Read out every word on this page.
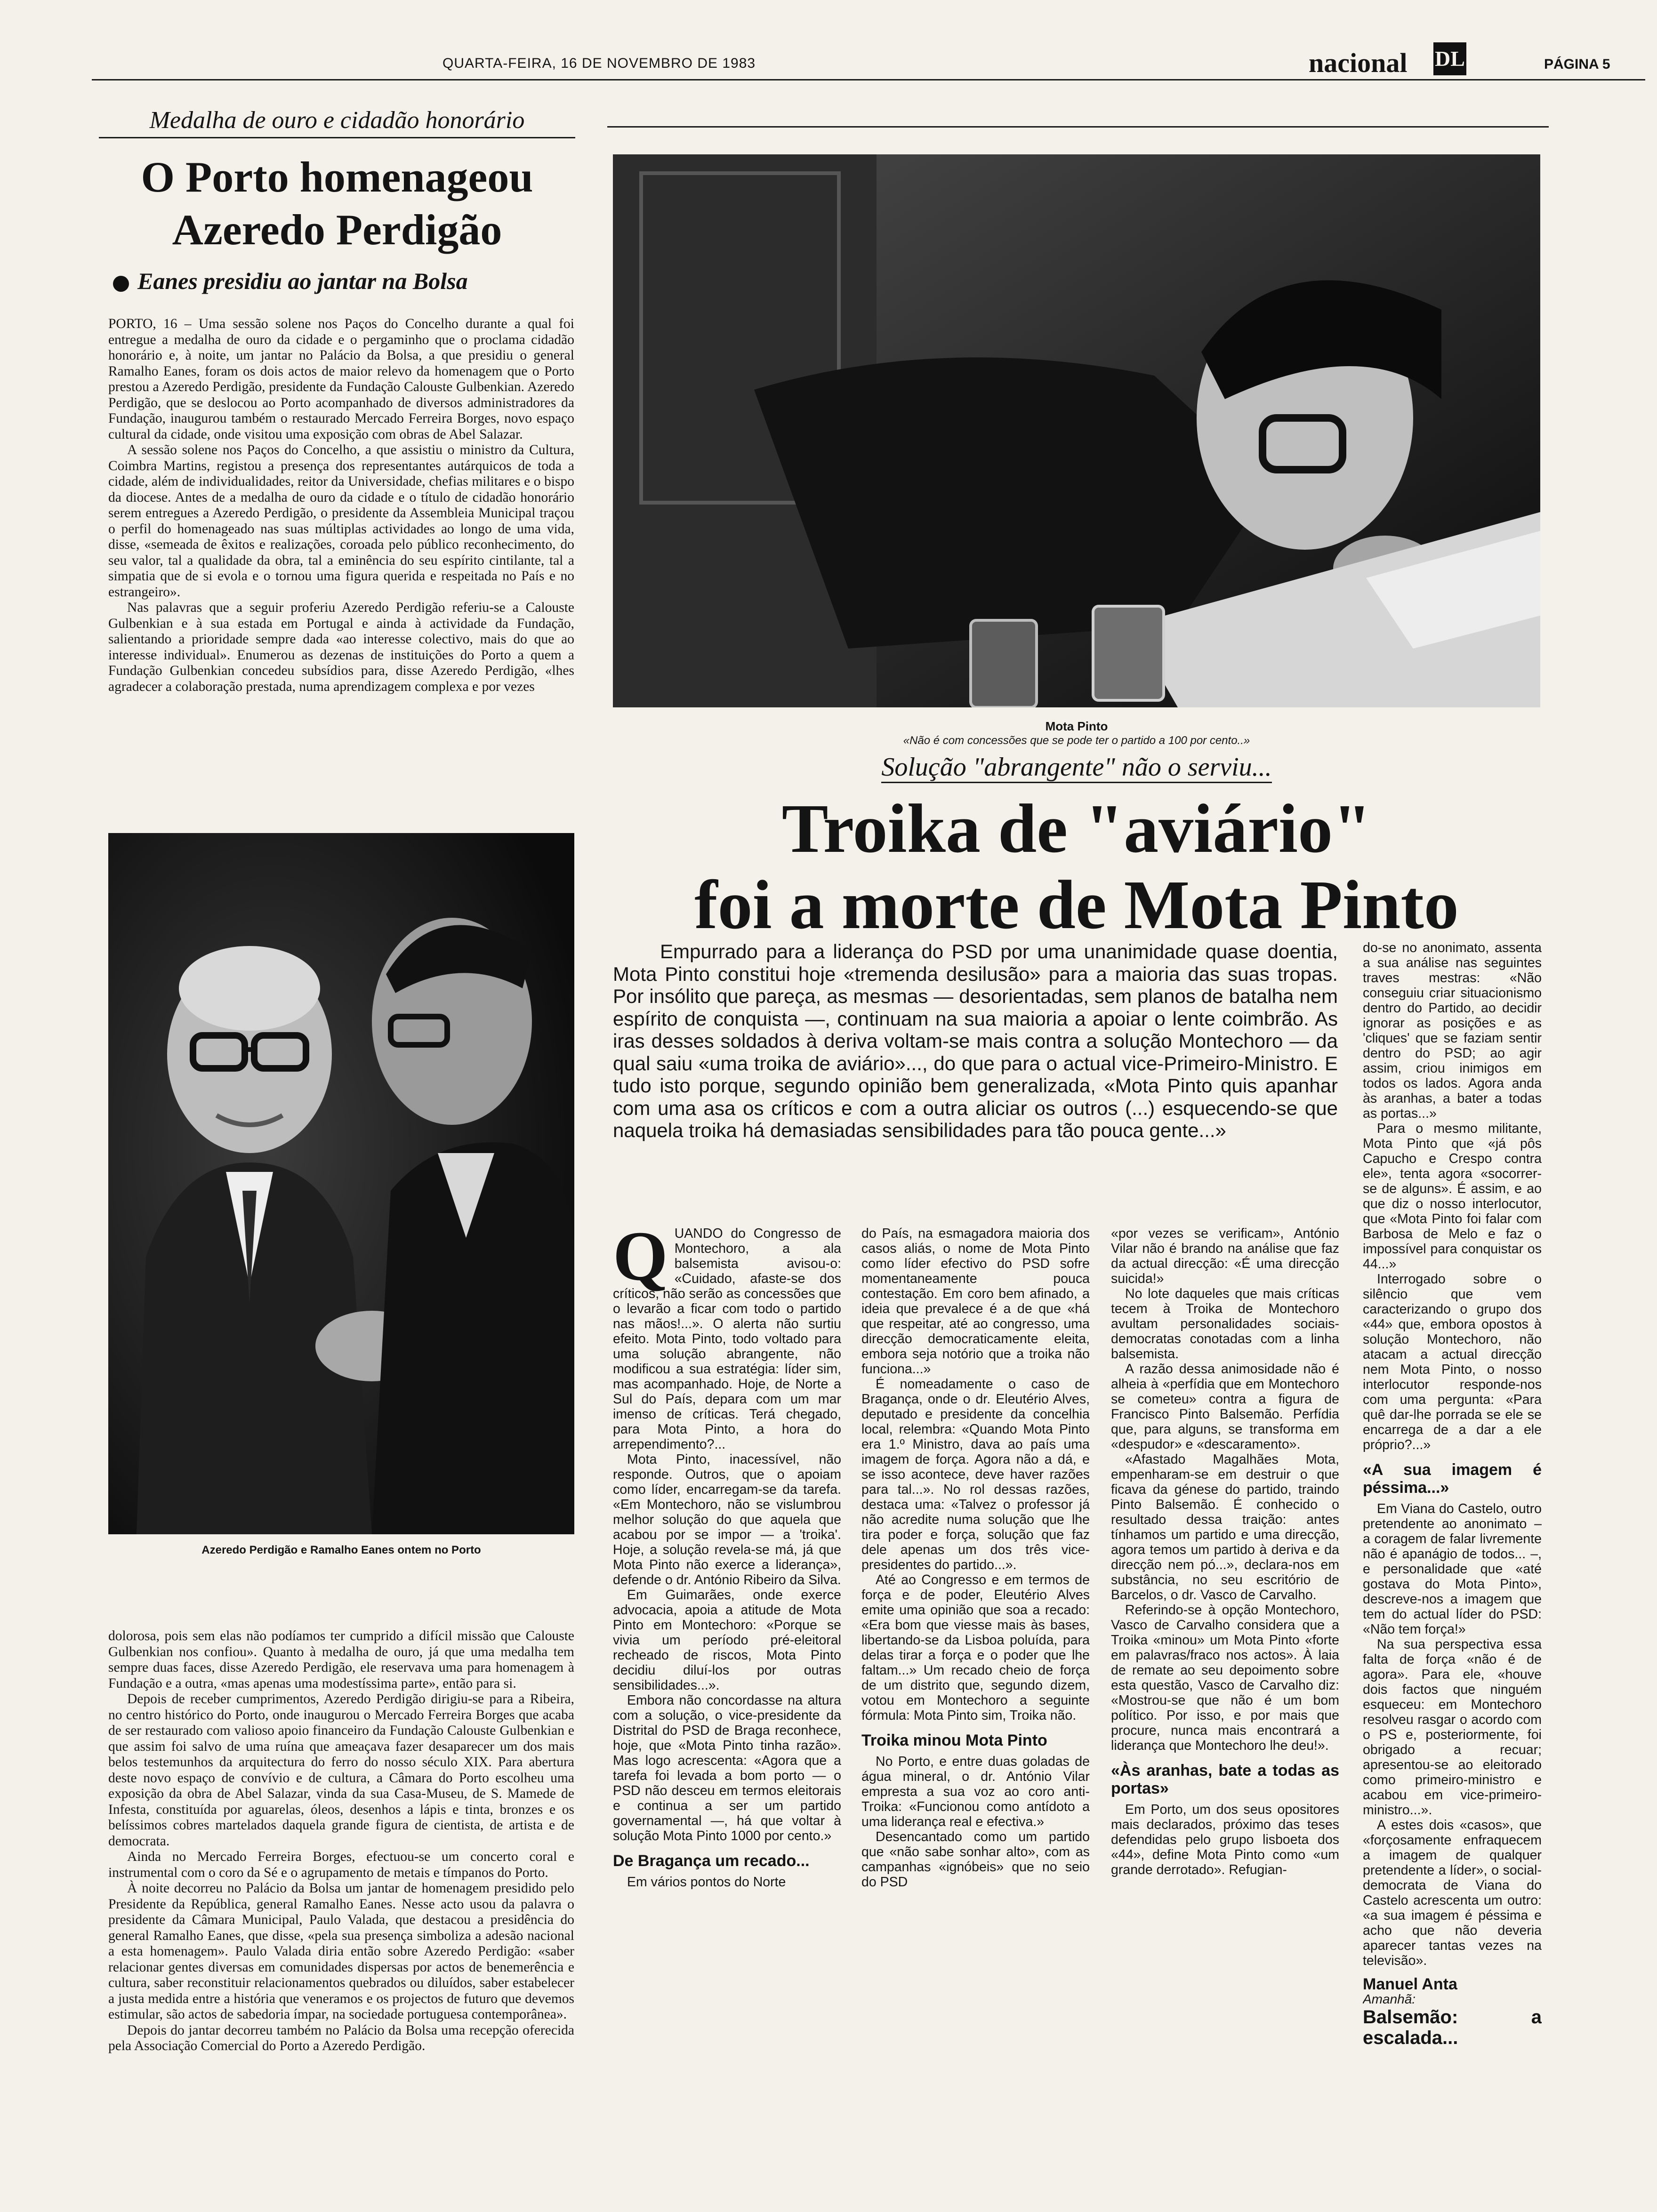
QUARTA-FEIRA, 16 DE NOVEMBRO DE 1983	nacional DL	PÁGINA 5
Medalha de ouro e cidadão honorário
O Porto homenageou
Azeredo Perdigão
Eanes presidiu ao jantar na Bolsa

PORTO, 16 – Uma sessão solene nos Paços do Concelho durante a qual foi entregue a medalha de ouro da cidade e o pergaminho que o proclama cidadão honorário e, à noite, um jantar no Palácio da Bolsa, a que presidiu o general Ramalho Eanes, foram os dois actos de maior relevo da homenagem que o Porto prestou a Azeredo Perdigão, presidente da Fundação Calouste Gulbenkian. Azeredo Perdigão, que se deslocou ao Porto acompanhado de diversos administradores da Fundação, inaugurou também o restaurado Mercado Ferreira Borges, novo espaço cultural da cidade, onde visitou uma exposição com obras de Abel Salazar.

A sessão solene nos Paços do Concelho, a que assistiu o ministro da Cultura, Coimbra Martins, registou a presença dos representantes autárquicos de toda a cidade, além de individualidades, reitor da Universidade, chefias militares e o bispo da diocese. Antes de a medalha de ouro da cidade e o título de cidadão honorário serem entregues a Azeredo Perdigão, o presidente da Assembleia Municipal traçou o perfil do homenageado nas suas múltiplas actividades ao longo de uma vida, disse, «semeada de êxitos e realizações, coroada pelo público reconhecimento, do seu valor, tal a qualidade da obra, tal a eminência do seu espírito cintilante, tal a simpatia que de si evola e o tornou uma figura querida e respeitada no País e no estrangeiro».

Nas palavras que a seguir proferiu Azeredo Perdigão referiu-se a Calouste Gulbenkian e à sua estada em Portugal e ainda à actividade da Fundação, salientando a prioridade sempre dada «ao interesse colectivo, mais do que ao interesse individual». Enumerou as dezenas de instituições do Porto a quem a Fundação Gulbenkian concedeu subsídios para, disse Azeredo Perdigão, «lhes agradecer a colaboração prestada, numa aprendizagem complexa e por vezes

Azeredo Perdigão e Ramalho Eanes ontem no Porto

dolorosa, pois sem elas não podíamos ter cumprido a difícil missão que Calouste Gulbenkian nos confiou». Quanto à medalha de ouro, já que uma medalha tem sempre duas faces, disse Azeredo Perdigão, ele reservava uma para homenagem à Fundação e a outra, «mas apenas uma modestíssima parte», então para si.

Depois de receber cumprimentos, Azeredo Perdigão dirigiu-se para a Ribeira, no centro histórico do Porto, onde inaugurou o Mercado Ferreira Borges que acaba de ser restaurado com valioso apoio financeiro da Fundação Calouste Gulbenkian e que assim foi salvo de uma ruína que ameaçava fazer desaparecer um dos mais belos testemunhos da arquitectura do ferro do nosso século XIX. Para abertura deste novo espaço de convívio e de cultura, a Câmara do Porto escolheu uma exposição da obra de Abel Salazar, vinda da sua Casa-Museu, de S. Mamede de Infesta, constituída por aguarelas, óleos, desenhos a lápis e tinta, bronzes e os belíssimos cobres martelados daquela grande figura de cientista, de artista e de democrata.

Ainda no Mercado Ferreira Borges, efectuou-se um concerto coral e instrumental com o coro da Sé e o agrupamento de metais e tímpanos do Porto.

À noite decorreu no Palácio da Bolsa um jantar de homenagem presidido pelo Presidente da República, general Ramalho Eanes. Nesse acto usou da palavra o presidente da Câmara Municipal, Paulo Valada, que destacou a presidência do general Ramalho Eanes, que disse, «pela sua presença simboliza a adesão nacional a esta homenagem». Paulo Valada diria então sobre Azeredo Perdigão: «saber relacionar gentes diversas em comunidades dispersas por actos de benemerência e cultura, saber reconstituir relacionamentos quebrados ou diluídos, saber estabelecer a justa medida entre a história que veneramos e os projectos de futuro que devemos estimular, são actos de sabedoria ímpar, na sociedade portuguesa contemporânea».

Depois do jantar decorreu também no Palácio da Bolsa uma recepção oferecida pela Associação Comercial do Porto a Azeredo Perdigão.

Mota Pinto
«Não é com concessões que se pode ter o partido a 100 por cento..»
Solução "abrangente" não o serviu...
Troika de "aviário"
foi a morte de Mota Pinto
Empurrado para a liderança do PSD por uma unanimidade quase doentia, Mota Pinto constitui hoje «tremenda desilusão» para a maioria das suas tropas. Por insólito que pareça, as mesmas — desorientadas, sem planos de batalha nem espírito de conquista —, continuam na sua maioria a apoiar o lente coimbrão. As iras desses soldados à deriva voltam-se mais contra a solução Montechoro — da qual saiu «uma troika de aviário»..., do que para o actual vice-Primeiro-Ministro. E tudo isto porque, segundo opinião bem generalizada, «Mota Pinto quis apanhar com uma asa os críticos e com a outra aliciar os outros (...) esquecendo-se que naquela troika há demasiadas sensibilidades para tão pouca gente...»
Q UANDO do Congresso de Montechoro, a ala balsemista avisou-o: «Cuidado, afaste-se dos críticos, não serão as concessões que o levarão a ficar com todo o partido nas mãos!...». O alerta não surtiu efeito. Mota Pinto, todo voltado para uma solução abrangente, não modificou a sua estratégia: líder sim, mas acompanhado. Hoje, de Norte a Sul do País, depara com um mar imenso de críticas. Terá chegado, para Mota Pinto, a hora do arrependimento?...

Mota Pinto, inacessível, não responde. Outros, que o apoiam como líder, encarregam-se da tarefa. «Em Montechoro, não se vislumbrou melhor solução do que aquela que acabou por se impor — a 'troika'. Hoje, a solução revela-se má, já que Mota Pinto não exerce a liderança», defende o dr. António Ribeiro da Silva.

Em Guimarães, onde exerce advocacia, apoia a atitude de Mota Pinto em Montechoro: «Porque se vivia um período pré-eleitoral recheado de riscos, Mota Pinto decidiu diluí-los por outras sensibilidades...».

Embora não concordasse na altura com a solução, o vice-presidente da Distrital do PSD de Braga reconhece, hoje, que «Mota Pinto tinha razão». Mas logo acrescenta: «Agora que a tarefa foi levada a bom porto — o PSD não desceu em termos eleitorais e continua a ser um partido governamental —, há que voltar à solução Mota Pinto 1000 por cento.»

De Bragança um recado...

Em vários pontos do Norte

do País, na esmagadora maioria dos casos aliás, o nome de Mota Pinto como líder efectivo do PSD sofre momentaneamente pouca contestação. Em coro bem afinado, a ideia que prevalece é a de que «há que respeitar, até ao congresso, uma direcção democraticamente eleita, embora seja notório que a troika não funciona...»

É nomeadamente o caso de Bragança, onde o dr. Eleutério Alves, deputado e presidente da concelhia local, relembra: «Quando Mota Pinto era 1.º Ministro, dava ao país uma imagem de força. Agora não a dá, e se isso acontece, deve haver razões para tal...». No rol dessas razões, destaca uma: «Talvez o professor já não acredite numa solução que lhe tira poder e força, solução que faz dele apenas um dos três vice-presidentes do partido...».

Até ao Congresso e em termos de força e de poder, Eleutério Alves emite uma opinião que soa a recado: «Era bom que viesse mais às bases, libertando-se da Lisboa poluída, para delas tirar a força e o poder que lhe faltam...» Um recado cheio de força de um distrito que, segundo dizem, votou em Montechoro a seguinte fórmula: Mota Pinto sim, Troika não.

Troika minou Mota Pinto

No Porto, e entre duas goladas de água mineral, o dr. António Vilar empresta a sua voz ao coro anti-Troika: «Funcionou como antídoto a uma liderança real e efectiva.»

Desencantado como um partido que «não sabe sonhar alto», com as campanhas «ignóbeis» que no seio do PSD

«por vezes se verificam», António Vilar não é brando na análise que faz da actual direcção: «É uma direcção suicida!»

No lote daqueles que mais críticas tecem à Troika de Montechoro avultam personalidades sociais-democratas conotadas com a linha balsemista.

A razão dessa animosidade não é alheia à «perfídia que em Montechoro se cometeu» contra a figura de Francisco Pinto Balsemão. Perfídia que, para alguns, se transforma em «despudor» e «descaramento».

«Afastado Magalhães Mota, empenharam-se em destruir o que ficava da génese do partido, traindo Pinto Balsemão. É conhecido o resultado dessa traição: antes tínhamos um partido e uma direcção, agora temos um partido à deriva e da direcção nem pó...», declara-nos em substância, no seu escritório de Barcelos, o dr. Vasco de Carvalho.

Referindo-se à opção Montechoro, Vasco de Carvalho considera que a Troika «minou» um Mota Pinto «forte em palavras/fraco nos actos». À laia de remate ao seu depoimento sobre esta questão, Vasco de Carvalho diz: «Mostrou-se que não é um bom político. Por isso, e por mais que procure, nunca mais encontrará a liderança que Montechoro lhe deu!».

«Às aranhas, bate a todas as portas»

Em Porto, um dos seus opositores mais declarados, próximo das teses defendidas pelo grupo lisboeta dos «44», define Mota Pinto como «um grande derrotado». Refugian-

do-se no anonimato, assenta a sua análise nas seguintes traves mestras: «Não conseguiu criar situacionismo dentro do Partido, ao decidir ignorar as posições e as 'cliques' que se faziam sentir dentro do PSD; ao agir assim, criou inimigos em todos os lados. Agora anda às aranhas, a bater a todas as portas...»

Para o mesmo militante, Mota Pinto que «já pôs Capucho e Crespo contra ele», tenta agora «socorrer-se de alguns». É assim, e ao que diz o nosso interlocutor, que «Mota Pinto foi falar com Barbosa de Melo e faz o impossível para conquistar os 44...»

Interrogado sobre o silêncio que vem caracterizando o grupo dos «44» que, embora opostos à solução Montechoro, não atacam a actual direcção nem Mota Pinto, o nosso interlocutor responde-nos com uma pergunta: «Para quê dar-lhe porrada se ele se encarrega de a dar a ele próprio?...»

«A sua imagem é péssima...»

Em Viana do Castelo, outro pretendente ao anonimato – a coragem de falar livremente não é apanágio de todos... –, e personalidade que «até gostava do Mota Pinto», descreve-nos a imagem que tem do actual líder do PSD: «Não tem força!»

Na sua perspectiva essa falta de força «não é de agora». Para ele, «houve dois factos que ninguém esqueceu: em Montechoro resolveu rasgar o acordo com o PS e, posteriormente, foi obrigado a recuar; apresentou-se ao eleitorado como primeiro-ministro e acabou em vice-primeiro-ministro...».

A estes dois «casos», que «forçosamente enfraquecem a imagem de qualquer pretendente a líder», o social-democrata de Viana do Castelo acrescenta um outro: «a sua imagem é péssima e acho que não deveria aparecer tantas vezes na televisão».

Manuel Anta
Amanhã:
Balsemão: a escalada...
